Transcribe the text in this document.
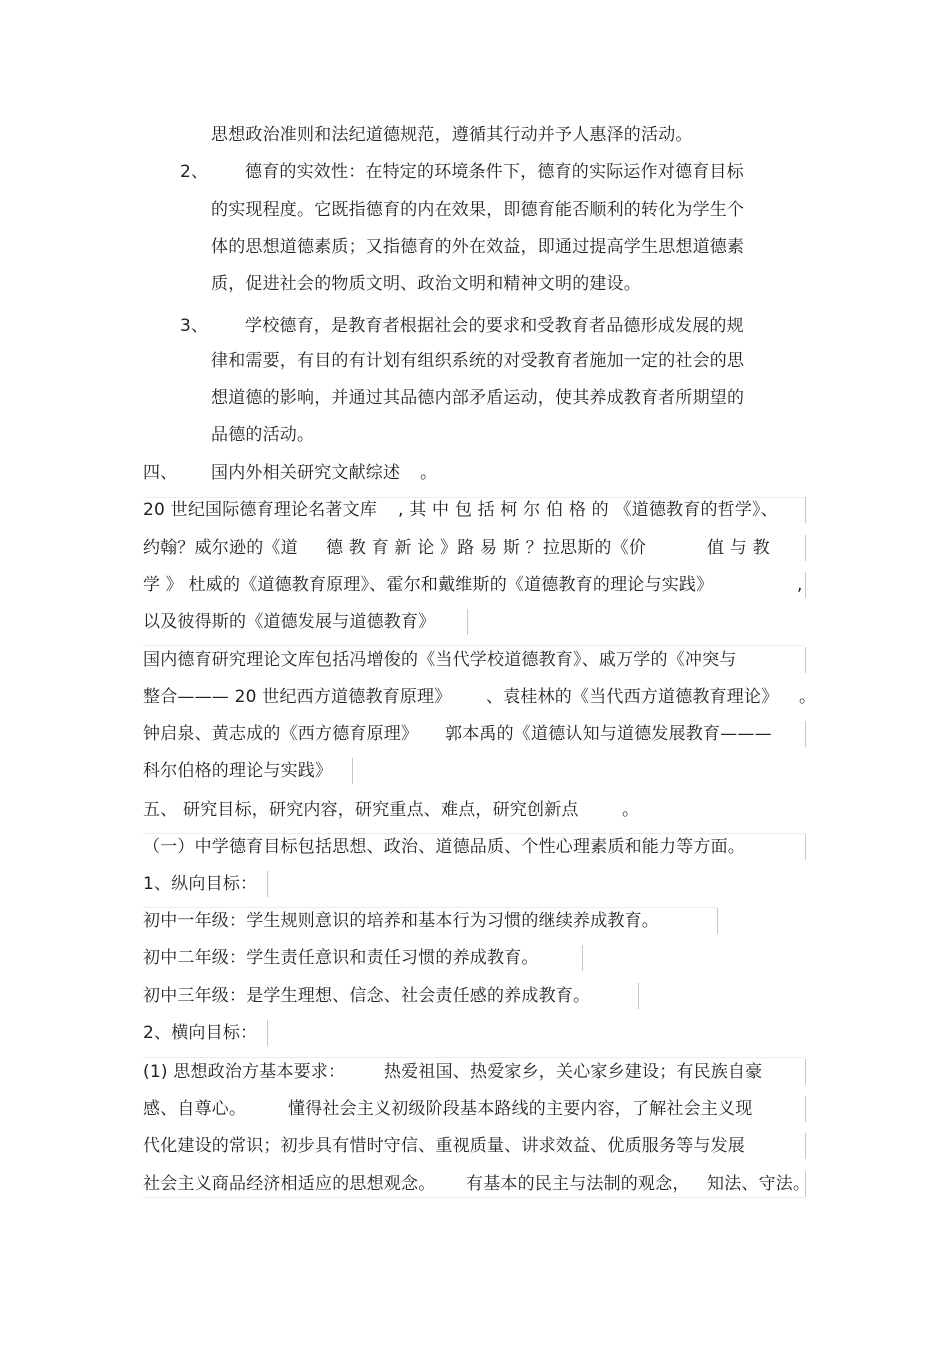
思想政治准则和法纪道德规范，遵循其行动并予人惠泽的活动。
2、 德育的实效性：在特定的环境条件下，德育的实际运作对德育目标
的实现程度。它既指德育的内在效果，即德育能否顺利的转化为学生个
体的思想道德素质；又指德育的外在效益，即通过提高学生思想道德素
质，促进社会的物质文明、政治文明和精神文明的建设。
3、 学校德育，是教育者根据社会的要求和受教育者品德形成发展的规
律和需要，有目的有计划有组织系统的对受教育者施加一定的社会的思
想道德的影响，并通过其品德内部矛盾运动，使其养成教育者所期望的
品德的活动。
四、 国内外相关研究文献综述 。
20 世纪国际德育理论名著文库 , 其 中 包 括 柯 尔 伯 格 的 《道德教育的哲学》、
约翰？威尔逊的《道 德 教 育 新 论 》路 易 斯 ？拉思斯的《价	值 与 教
学 》 杜威的《道德教育原理》、霍尔和戴维斯的《道德教育的理论与实践》	,
以及彼得斯的《道德发展与道德教育》
国内德育研究理论文库包括冯增俊的《当代学校道德教育》、戚万学的《冲突与
整合——— 20 世纪西方道德教育原理》 、袁桂林的《当代西方道德教育理论》 。
钟启泉、黄志成的《西方德育原理》 郭本禹的《道德认知与道德发展教育———
科尔伯格的理论与实践》
五、 研究目标，研究内容，研究重点、难点，研究创新点	。
（一）中学德育目标包括思想、政治、道德品质、个性心理素质和能力等方面。
1、纵向目标：
初中一年级：学生规则意识的培养和基本行为习惯的继续养成教育。
初中二年级：学生责任意识和责任习惯的养成教育。
初中三年级：是学生理想、信念、社会责任感的养成教育。
2、横向目标：
(1) 思想政治方基本要求： 热爱祖国、热爱家乡，关心家乡建设；有民族自豪
感、自尊心。 懂得社会主义初级阶段基本路线的主要内容，了解社会主义现
代化建设的常识；初步具有惜时守信、重视质量、讲求效益、优质服务等与发展
社会主义商品经济相适应的思想观念。 有基本的民主与法制的观念， 知法、守法。
